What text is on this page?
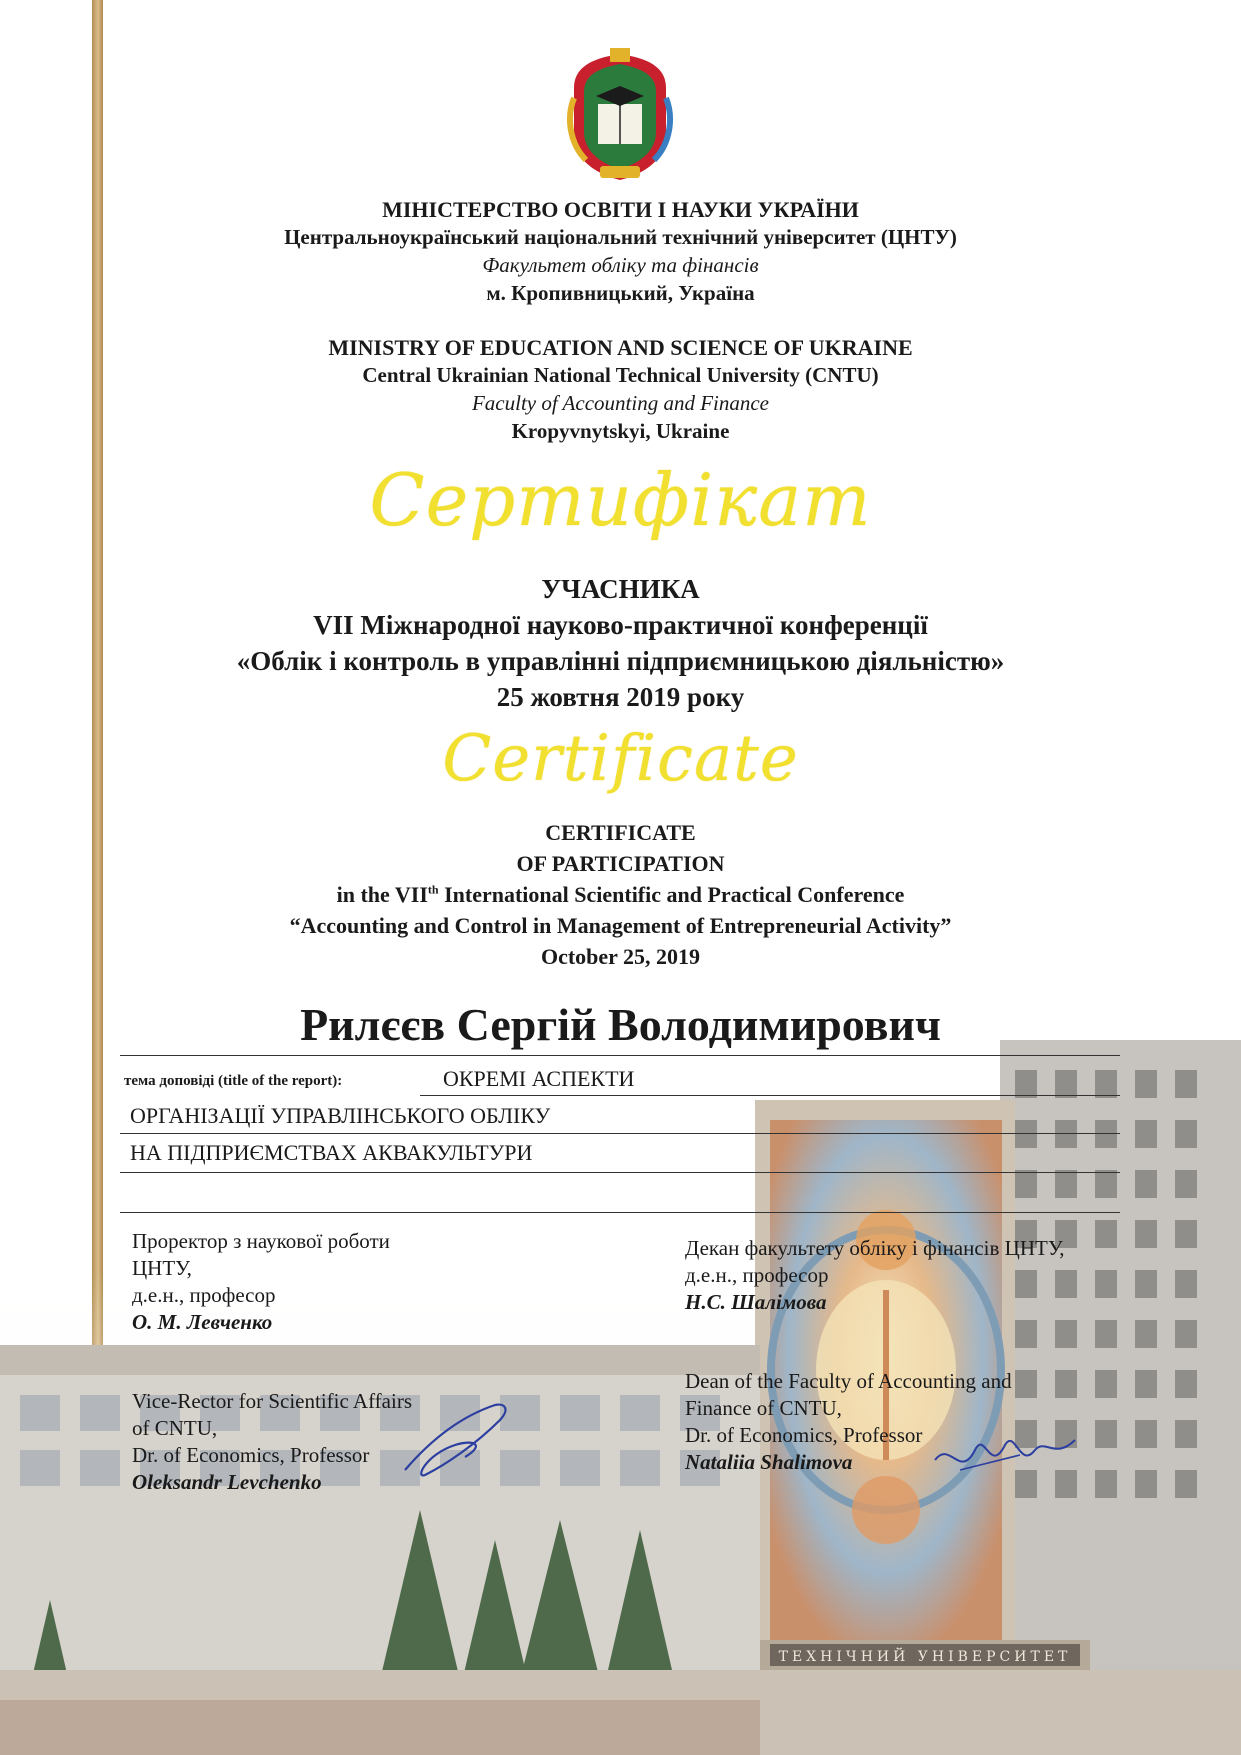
ТЕХНІЧНИЙ УНІВЕРСИТЕТ
МІНІСТЕРСТВО ОСВІТИ І НАУКИ УКРАЇНИ
Центральноукраїнський національний технічний університет (ЦНТУ)
Факультет обліку та фінансів
м. Кропивницький, Україна
MINISTRY OF EDUCATION AND SCIENCE OF UKRAINE
Central Ukrainian National Technical University (CNTU)
Faculty of Accounting and Finance
Kropyvnytskyi, Ukraine
Сертифікат
УЧАСНИКА
VII Міжнародної науково-практичної конференції
«Облік і контроль в управлінні підприємницькою діяльністю»
25 жовтня 2019 року
Certificate
CERTIFICATE
OF PARTICIPATION
in the VIIth International Scientific and Practical Conference
“Accounting and Control in Management of Entrepreneurial Activity”
October 25, 2019
Рилєєв Сергій Володимирович
тема доповіді (title of the report):	ОКРЕМІ АСПЕКТИ
ОРГАНІЗАЦІЇ УПРАВЛІНСЬКОГО ОБЛІКУ
НА ПІДПРИЄМСТВАХ АКВАКУЛЬТУРИ
Проректор з наукової роботи
ЦНТУ,
д.е.н., професор
О. М. Левченко
Vice-Rector for Scientific Affairs
of CNTU,
Dr. of Economics, Professor
Oleksandr Levchenko
Декан факультету обліку і фінансів ЦНТУ,
д.е.н., професор
Н.С. Шалімова
Dean of the Faculty of Accounting and
Finance of CNTU,
Dr. of Economics, Professor
Nataliia Shalimova
